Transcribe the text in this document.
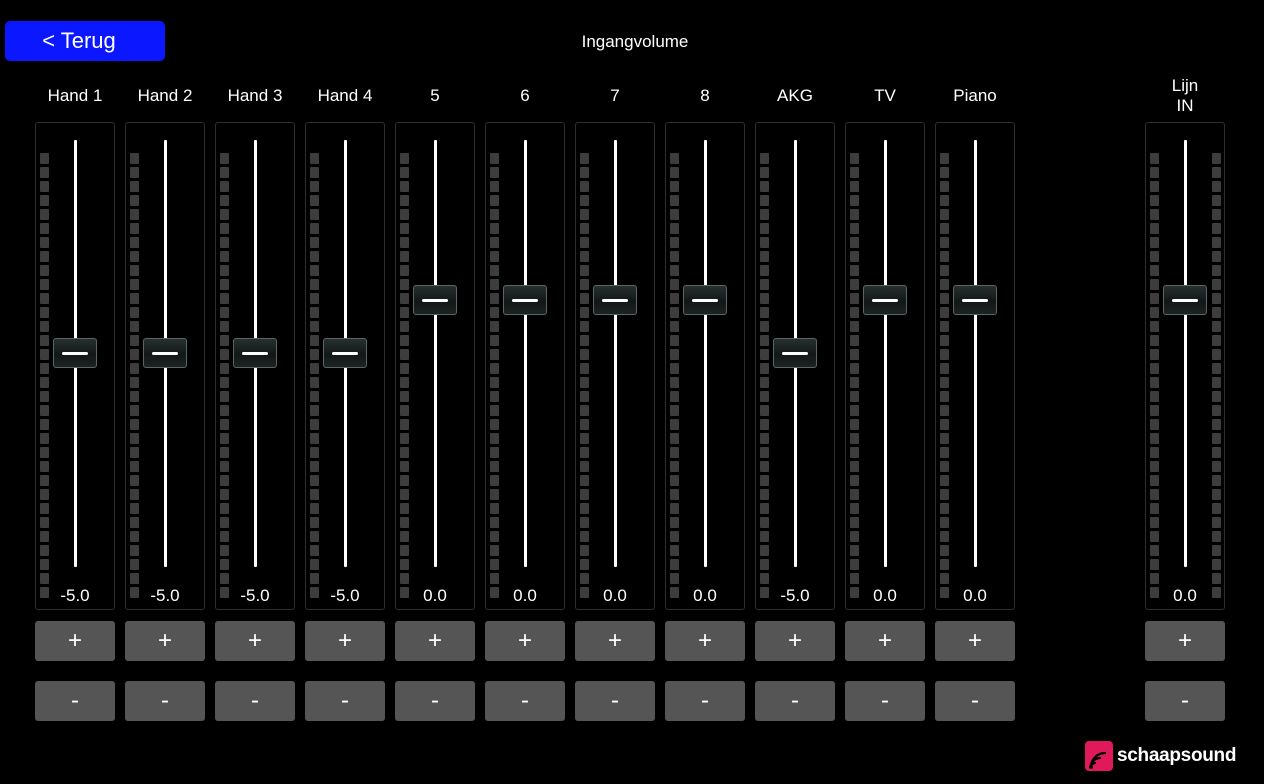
< Terug	Ingangvolume
Hand 1
-5.0
+
-
Hand 2
-5.0
+
-
Hand 3
-5.0
+
-
Hand 4
-5.0
+
-
5
0.0
+
-
6
0.0
+
-
7
0.0
+
-
8
0.0
+
-
AKG
-5.0
+
-
TV
0.0
+
-
Piano
0.0
+
-
Lijn
IN
0.0
+
-
schaapsound
